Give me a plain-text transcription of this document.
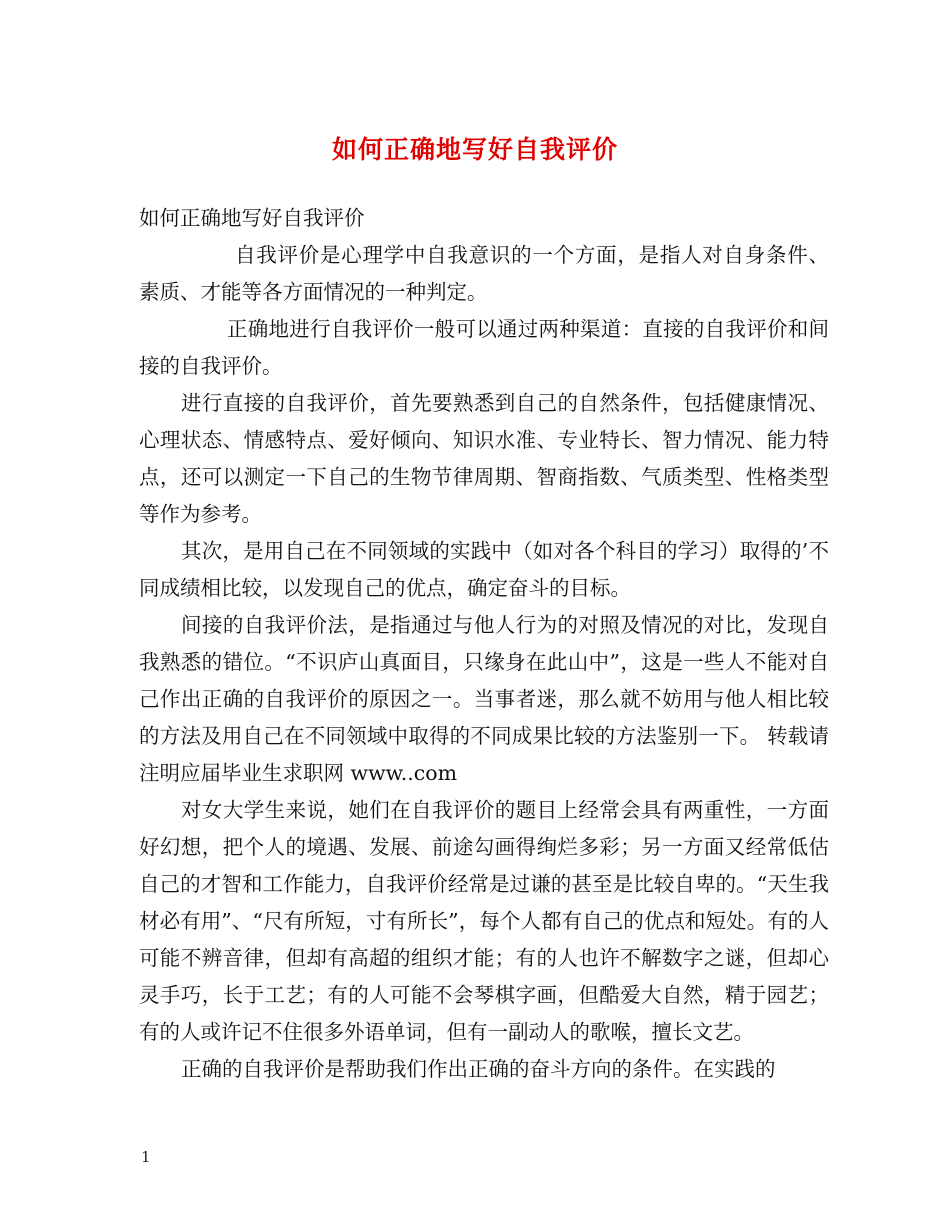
如何正确地写好自我评价

如何正确地写好自我评价

自我评价是心理学中自我意识的一个方面，是指人对自身条件、素质、才能等各方面情况的一种判定。

正确地进行自我评价一般可以通过两种渠道：直接的自我评价和间接的自我评价。

进行直接的自我评价，首先要熟悉到自己的自然条件，包括健康情况、心理状态、情感特点、爱好倾向、知识水准、专业特长、智力情况、能力特点，还可以测定一下自己的生物节律周期、智商指数、气质类型、性格类型等作为参考。

其次，是用自己在不同领域的实践中（如对各个科目的学习）取得的’不同成绩相比较，以发现自己的优点，确定奋斗的目标。

间接的自我评价法，是指通过与他人行为的对照及情况的对比，发现自我熟悉的错位。“不识庐山真面目，只缘身在此山中”，这是一些人不能对自己作出正确的自我评价的原因之一。当事者迷，那么就不妨用与他人相比较的方法及用自己在不同领域中取得的不同成果比较的方法鉴别一下。 转载请注明应届毕业生求职网 www..com

对女大学生来说，她们在自我评价的题目上经常会具有两重性，一方面好幻想，把个人的境遇、发展、前途勾画得绚烂多彩；另一方面又经常低估自己的才智和工作能力，自我评价经常是过谦的甚至是比较自卑的。“天生我材必有用”、“尺有所短，寸有所长”，每个人都有自己的优点和短处。有的人可能不辨音律，但却有高超的组织才能；有的人也许不解数字之谜，但却心灵手巧，长于工艺；有的人可能不会琴棋字画，但酷爱大自然，精于园艺；有的人或许记不住很多外语单词，但有一副动人的歌喉，擅长文艺。

正确的自我评价是帮助我们作出正确的奋斗方向的条件。在实践的

1
